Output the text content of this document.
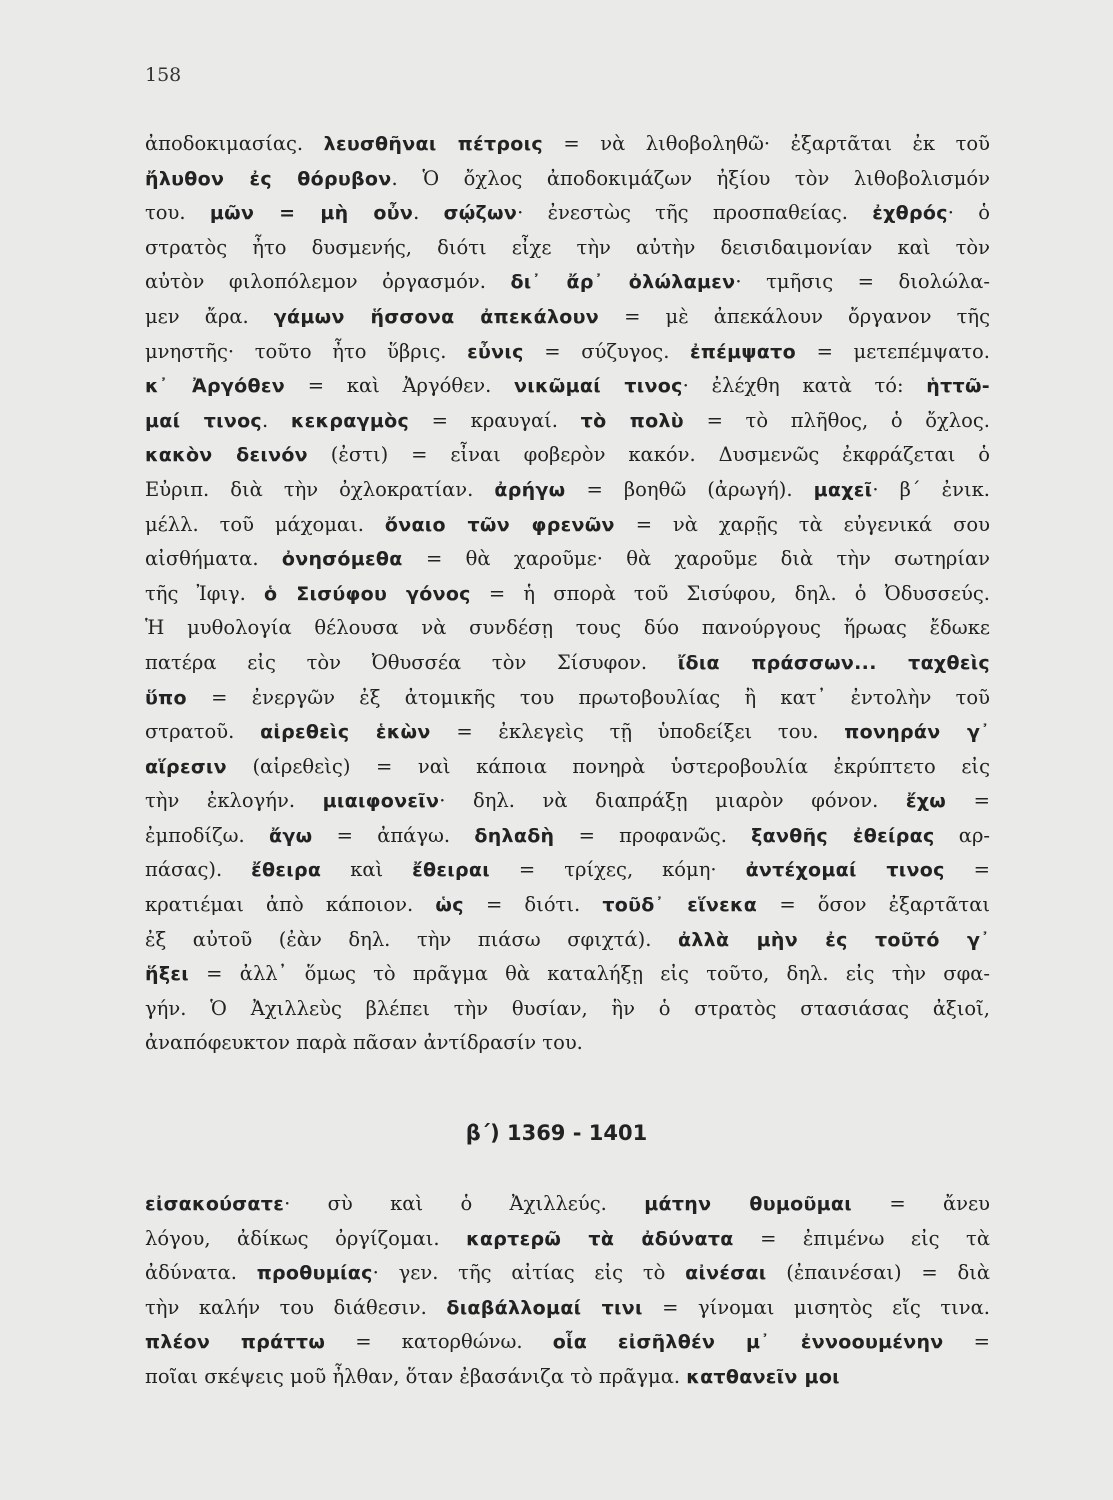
158
ἀποδοκιμασίας. λευσθῆναι πέτροις = νὰ λιθοβοληθῶ· ἐξαρτᾶται ἐκ τοῦ
ἤλυθον ἐς θόρυβον. Ὁ ὄχλος ἀποδοκιμάζων ἠξίου τὸν λιθοβολισμόν
του. μῶν = μὴ οὖν. σῴζων· ἐνεστὼς τῆς προσπαθείας. ἐχθρός· ὁ
στρατὸς ἦτο δυσμενής, διότι εἶχε τὴν αὐτὴν δεισιδαιμονίαν καὶ τὸν
αὐτὸν φιλοπόλεμον ὀργασμόν. δι᾽ ἄρ᾽ ὀλώλαμεν· τμῆσις = διολώλα-
μεν ἄρα. γάμων ἥσσονα ἀπεκάλουν = μὲ ἀπεκάλουν ὄργανον τῆς
μνηστῆς· τοῦτο ἦτο ὕβρις. εὖνις = σύζυγος. ἐπέμψατο = μετεπέμψατο.
κ᾽ Ἀργόθεν = καὶ Ἀργόθεν. νικῶμαί τινος· ἐλέχθη κατὰ τό: ἡττῶ-
μαί τινος. κεκραγμὸς = κραυγαί. τὸ πολὺ = τὸ πλῆθος, ὁ ὄχλος.
κακὸν δεινόν (ἐστι) = εἶναι φοβερὸν κακόν. Δυσμενῶς ἐκφράζεται ὁ
Εὐριπ. διὰ τὴν ὀχλοκρατίαν. ἀρήγω = βοηθῶ (ἀρωγή). μαχεῖ· β΄ ἐνικ.
μέλλ. τοῦ μάχομαι. ὄναιο τῶν φρενῶν = νὰ χαρῇς τὰ εὐγενικά σου
αἰσθήματα. ὀνησόμεθα = θὰ χαροῦμε· θὰ χαροῦμε διὰ τὴν σωτηρίαν
τῆς Ἰφιγ. ὁ Σισύφου γόνος = ἡ σπορὰ τοῦ Σισύφου, δηλ. ὁ Ὀδυσσεύς.
Ἡ μυθολογία θέλουσα νὰ συνδέσῃ τους δύο πανούργους ἥρωας ἔδωκε
πατέρα εἰς τὸν Ὀθυσσέα τὸν Σίσυφον. ἴδια πράσσων... ταχθεὶς
ὕπο = ἐνεργῶν ἐξ ἀτομικῆς του πρωτοβουλίας ἢ κατ᾽ ἐντολὴν τοῦ
στρατοῦ. αἱρεθεὶς ἑκὼν = ἐκλεγεὶς τῇ ὑποδείξει του. πονηράν γ᾽
αἵρεσιν (αἱρεθεὶς) = ναὶ κάποια πονηρὰ ὑστεροβουλία ἐκρύπτετο εἰς
τὴν ἐκλογήν. μιαιφονεῖν· δηλ. νὰ διαπράξῃ μιαρὸν φόνον. ἔχω =
ἐμποδίζω. ἄγω = ἀπάγω. δηλαδὴ = προφανῶς. ξανθῆς ἐθείρας αρ-
πάσας). ἔθειρα καὶ ἔθειραι = τρίχες, κόμη· ἀντέχομαί τινος =
κρατιέμαι ἀπὸ κάποιον. ὡς = διότι. τοῦδ᾽ εἵνεκα = ὅσον ἐξαρτᾶται
ἐξ αὐτοῦ (ἐὰν δηλ. τὴν πιάσω σφιχτά). ἀλλὰ μὴν ἐς τοῦτό γ᾽
ἥξει = ἀλλ᾽ ὅμως τὸ πρᾶγμα θὰ καταλήξῃ εἰς τοῦτο, δηλ. εἰς τὴν σφα-
γήν. Ὁ Ἀχιλλεὺς βλέπει τὴν θυσίαν, ἣν ὁ στρατὸς στασιάσας ἀξιοῖ,
ἀναπόφευκτον παρὰ πᾶσαν ἀντίδρασίν του.
β΄) 1369 - 1401
εἰσακούσατε· σὺ καὶ ὁ Ἀχιλλεύς. μάτην θυμοῦμαι = ἄνευ
λόγου, ἀδίκως ὀργίζομαι. καρτερῶ τὰ ἀδύνατα = ἐπιμένω εἰς τὰ
ἀδύνατα. προθυμίας· γεν. τῆς αἰτίας εἰς τὸ αἰνέσαι (ἐπαινέσαι) = διὰ
τὴν καλήν του διάθεσιν. διαβάλλομαί τινι = γίνομαι μισητὸς εἴς τινα.
πλέον πράττω = κατορθώνω. οἷα εἰσῆλθέν μ᾽ ἐννοουμένην =
ποῖαι σκέψεις μοῦ ἦλθαν, ὅταν ἐβασάνιζα τὸ πρᾶγμα. κατθανεῖν μοι
